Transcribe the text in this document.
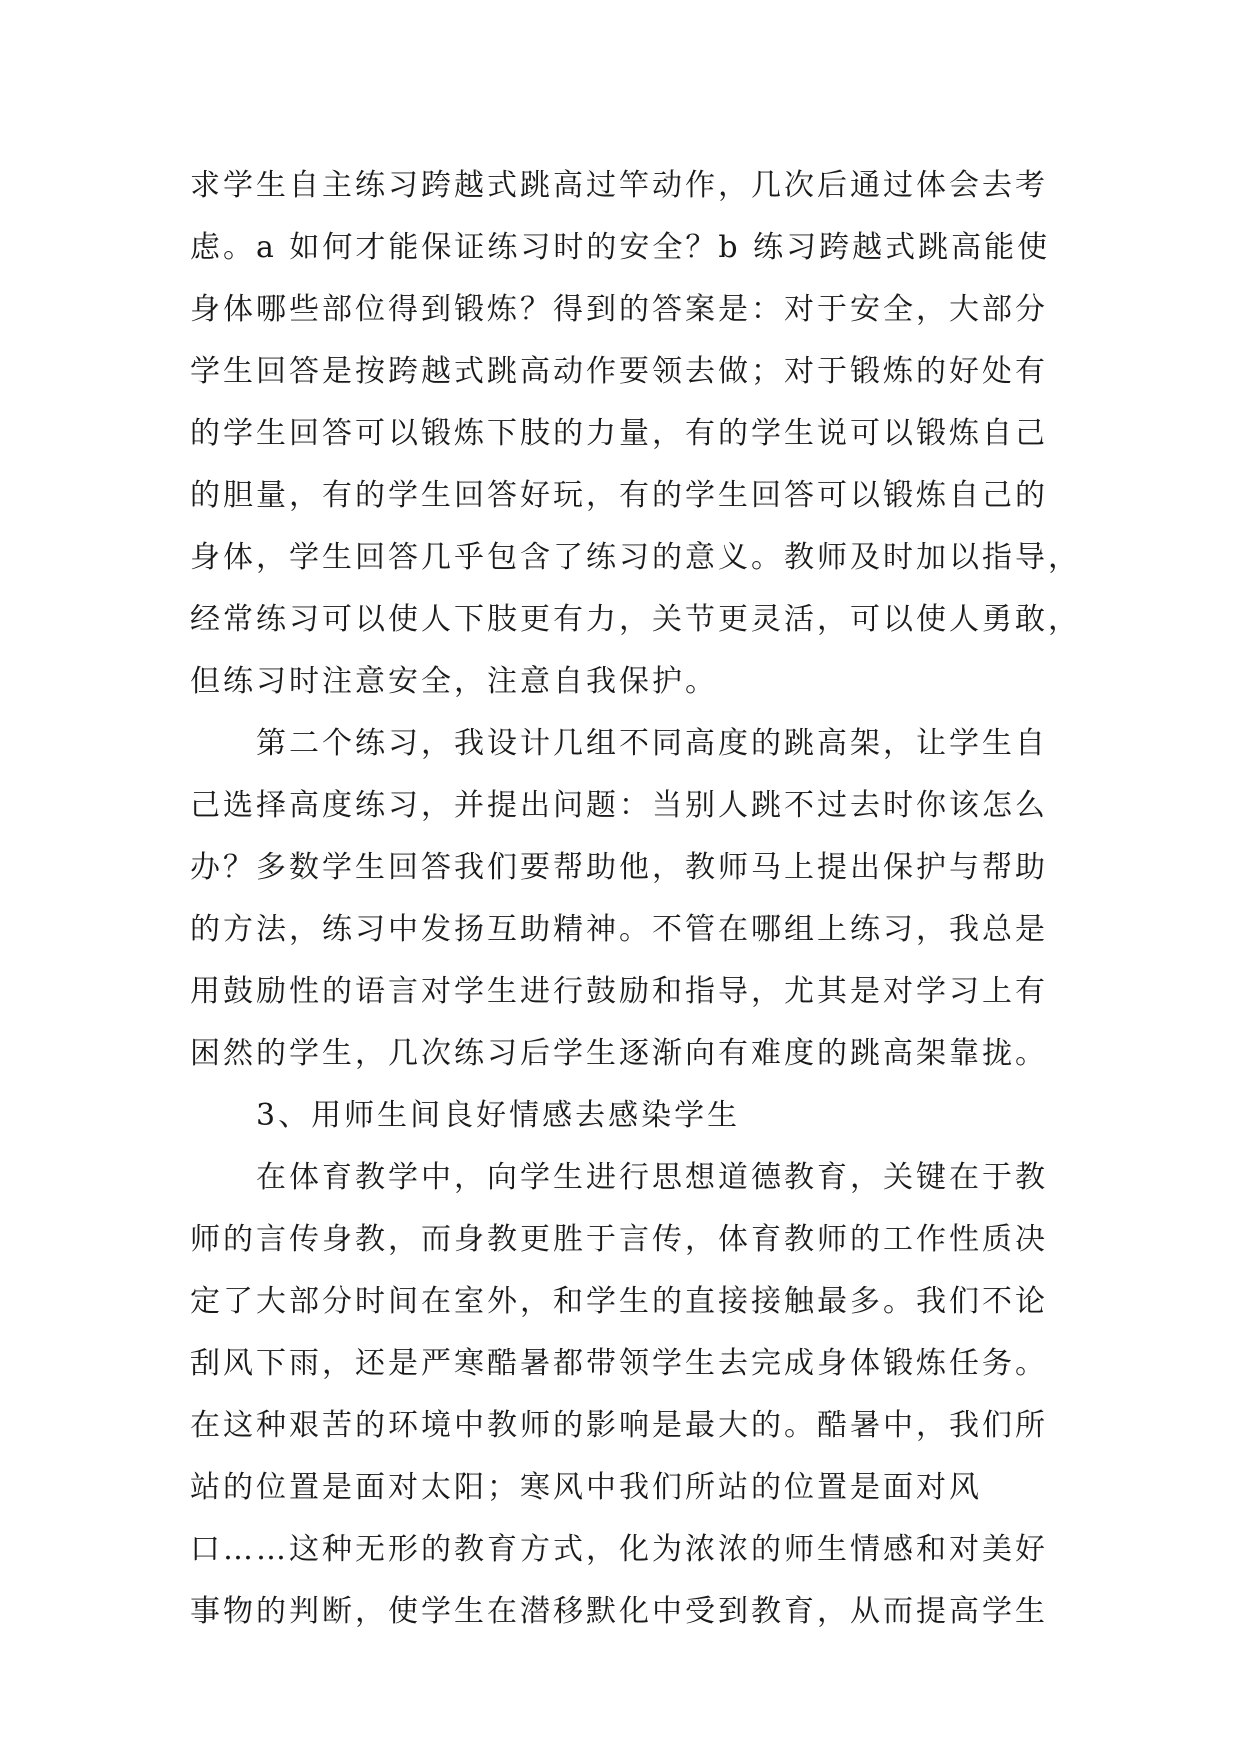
求学生自主练习跨越式跳高过竿动作，几次后通过体会去考
虑。a 如何才能保证练习时的安全？b 练习跨越式跳高能使
身体哪些部位得到锻炼？得到的答案是：对于安全，大部分
学生回答是按跨越式跳高动作要领去做；对于锻炼的好处有
的学生回答可以锻炼下肢的力量，有的学生说可以锻炼自己
的胆量，有的学生回答好玩，有的学生回答可以锻炼自己的
身体，学生回答几乎包含了练习的意义。教师及时加以指导，
经常练习可以使人下肢更有力，关节更灵活，可以使人勇敢，
但练习时注意安全，注意自我保护。
第二个练习，我设计几组不同高度的跳高架，让学生自
己选择高度练习，并提出问题：当别人跳不过去时你该怎么
办？多数学生回答我们要帮助他，教师马上提出保护与帮助
的方法，练习中发扬互助精神。不管在哪组上练习，我总是
用鼓励性的语言对学生进行鼓励和指导，尤其是对学习上有
困然的学生，几次练习后学生逐渐向有难度的跳高架靠拢。
3、用师生间良好情感去感染学生
在体育教学中，向学生进行思想道德教育，关键在于教
师的言传身教，而身教更胜于言传，体育教师的工作性质决
定了大部分时间在室外，和学生的直接接触最多。我们不论
刮风下雨，还是严寒酷暑都带领学生去完成身体锻炼任务。
在这种艰苦的环境中教师的影响是最大的。酷暑中，我们所
站的位置是面对太阳；寒风中我们所站的位置是面对风
口……这种无形的教育方式，化为浓浓的师生情感和对美好
事物的判断，使学生在潜移默化中受到教育，从而提高学生
